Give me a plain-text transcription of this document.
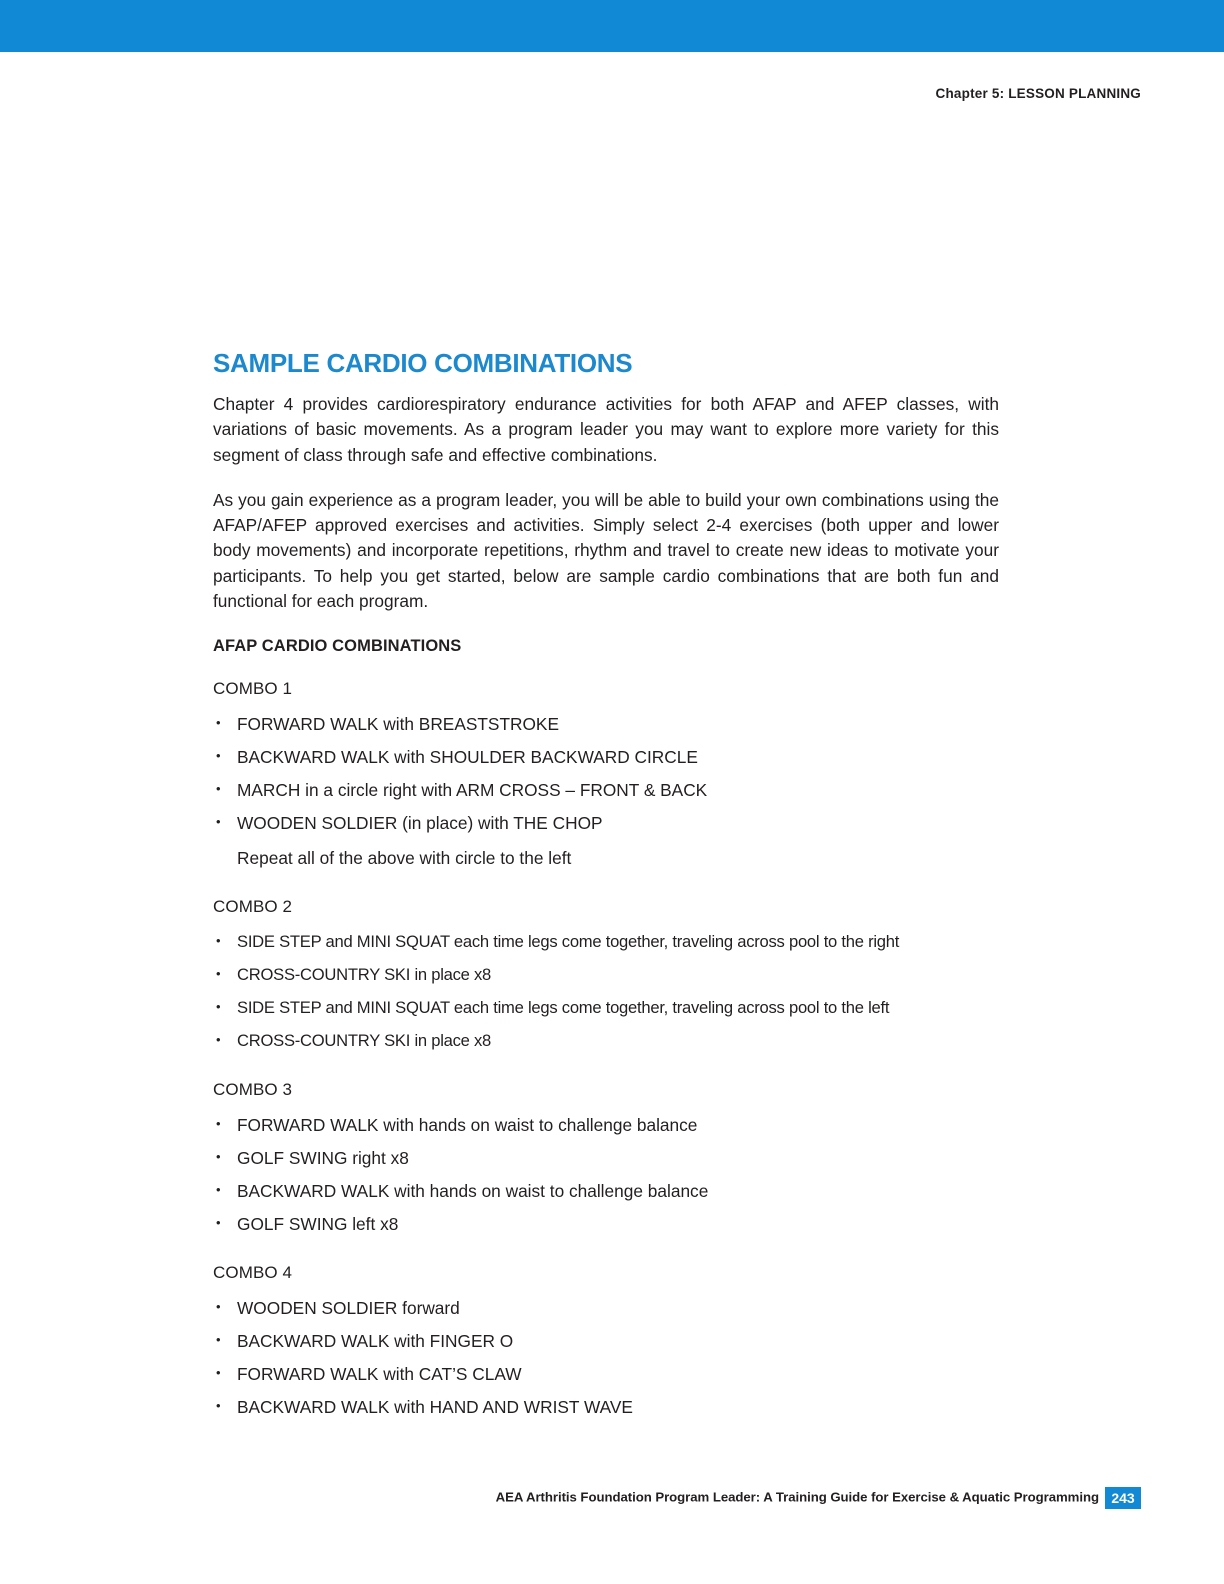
Chapter 5: LESSON PLANNING
SAMPLE CARDIO COMBINATIONS

Chapter 4 provides cardiorespiratory endurance activities for both AFAP and AFEP classes, with variations of basic movements. As a program leader you may want to explore more variety for this segment of class through safe and effective combinations.

As you gain experience as a program leader, you will be able to build your own combinations using the AFAP/AFEP approved exercises and activities. Simply select 2-4 exercises (both upper and lower body movements) and incorporate repetitions, rhythm and travel to create new ideas to motivate your participants. To help you get started, below are sample cardio combinations that are both fun and functional for each program.

AFAP CARDIO COMBINATIONS
COMBO 1
• FORWARD WALK with BREASTSTROKE
• BACKWARD WALK with SHOULDER BACKWARD CIRCLE
• MARCH in a circle right with ARM CROSS – FRONT & BACK
• WOODEN SOLDIER (in place) with THE CHOP
Repeat all of the above with circle to the left
COMBO 2
• SIDE STEP and MINI SQUAT each time legs come together, traveling across pool to the right
• CROSS-COUNTRY SKI in place x8
• SIDE STEP and MINI SQUAT each time legs come together, traveling across pool to the left
• CROSS-COUNTRY SKI in place x8
COMBO 3
• FORWARD WALK with hands on waist to challenge balance
• GOLF SWING right x8
• BACKWARD WALK with hands on waist to challenge balance
• GOLF SWING left x8
COMBO 4
• WOODEN SOLDIER forward
• BACKWARD WALK with FINGER O
• FORWARD WALK with CAT’S CLAW
• BACKWARD WALK with HAND AND WRIST WAVE
AEA Arthritis Foundation Program Leader: A Training Guide for Exercise & Aquatic Programming 243
